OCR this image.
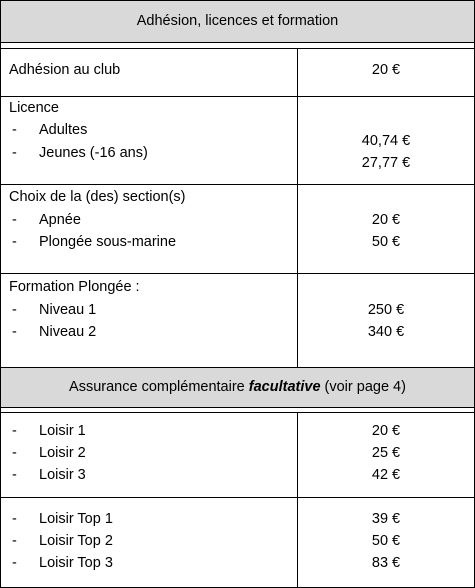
Adhésion, licences et formation
Adhésion au club	20 €
Licence
- Adultes
- Jeunes (-16 ans)
40,74 €
27,77 €
Choix de la (des) section(s)
- Apnée
- Plongée sous-marine
20 €
50 €
Formation Plongée :
- Niveau 1
- Niveau 2
250 €
340 €
Assurance complémentaire facultative (voir page 4)
- Loisir 1
- Loisir 2
- Loisir 3
20 €
25 €
42 €
- Loisir Top 1
- Loisir Top 2
- Loisir Top 3
39 €
50 €
83 €
